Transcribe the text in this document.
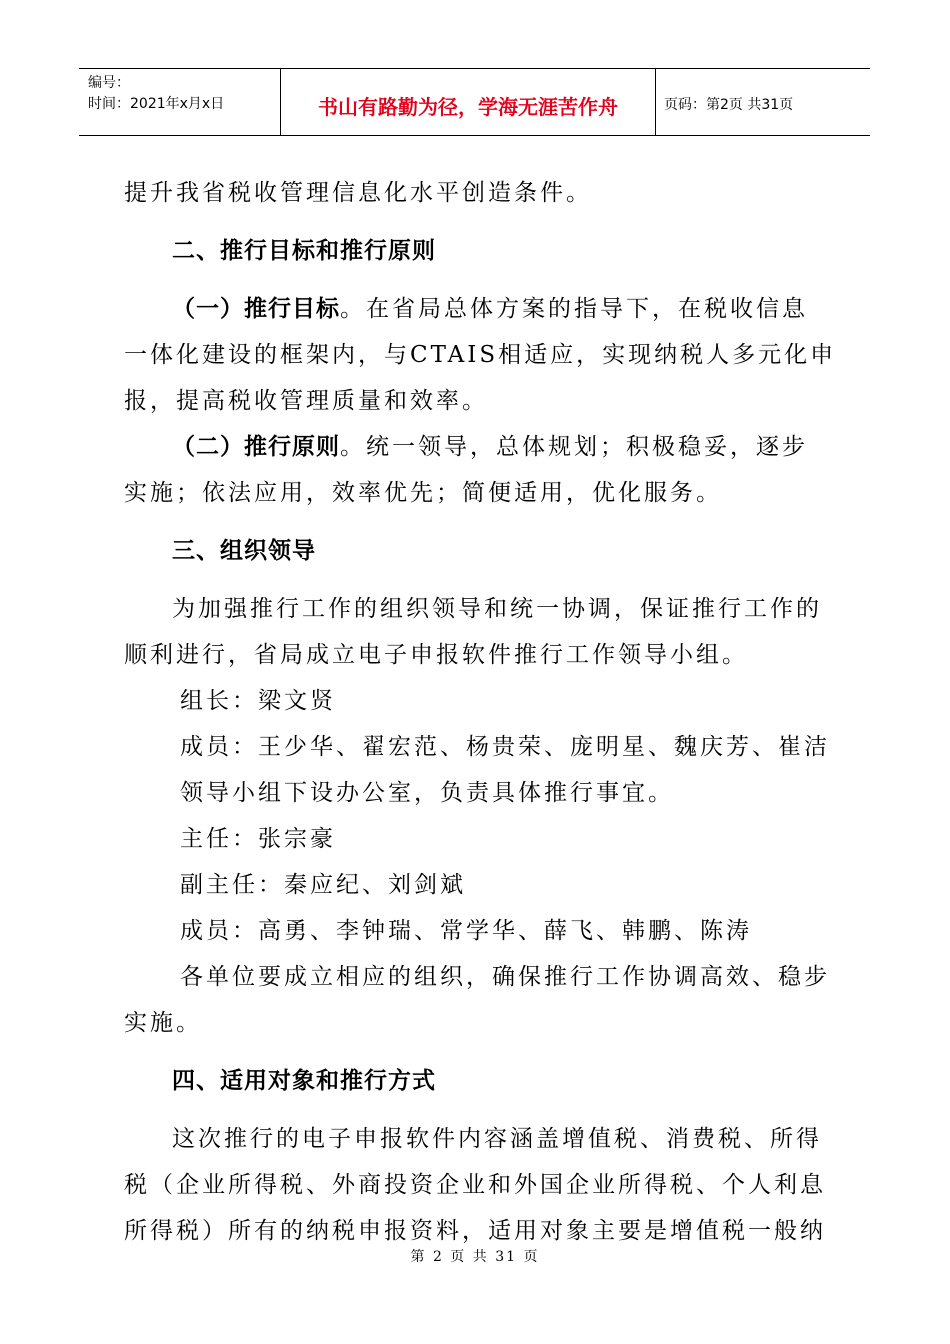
编号：
时间：2021年x月x日	书山有路勤为径，学海无涯苦作舟	页码：第2页 共31页

提升我省税收管理信息化水平创造条件。

二、推行目标和推行原则

（一）推行目标。在省局总体方案的指导下，在税收信息

一体化建设的框架内，与CTAIS相适应，实现纳税人多元化申

报，提高税收管理质量和效率。

（二）推行原则。统一领导，总体规划；积极稳妥，逐步

实施；依法应用，效率优先；简便适用，优化服务。

三、组织领导

为加强推行工作的组织领导和统一协调，保证推行工作的

顺利进行，省局成立电子申报软件推行工作领导小组。

组长：梁文贤

成员：王少华、翟宏范、杨贵荣、庞明星、魏庆芳、崔洁

领导小组下设办公室，负责具体推行事宜。

主任：张宗豪

副主任：秦应纪、刘剑斌

成员：高勇、李钟瑞、常学华、薛飞、韩鹏、陈涛

各单位要成立相应的组织，确保推行工作协调高效、稳步

实施。

四、适用对象和推行方式

这次推行的电子申报软件内容涵盖增值税、消费税、所得

税（企业所得税、外商投资企业和外国企业所得税、个人利息

所得税）所有的纳税申报资料，适用对象主要是增值税一般纳

第 2 页 共 31 页
